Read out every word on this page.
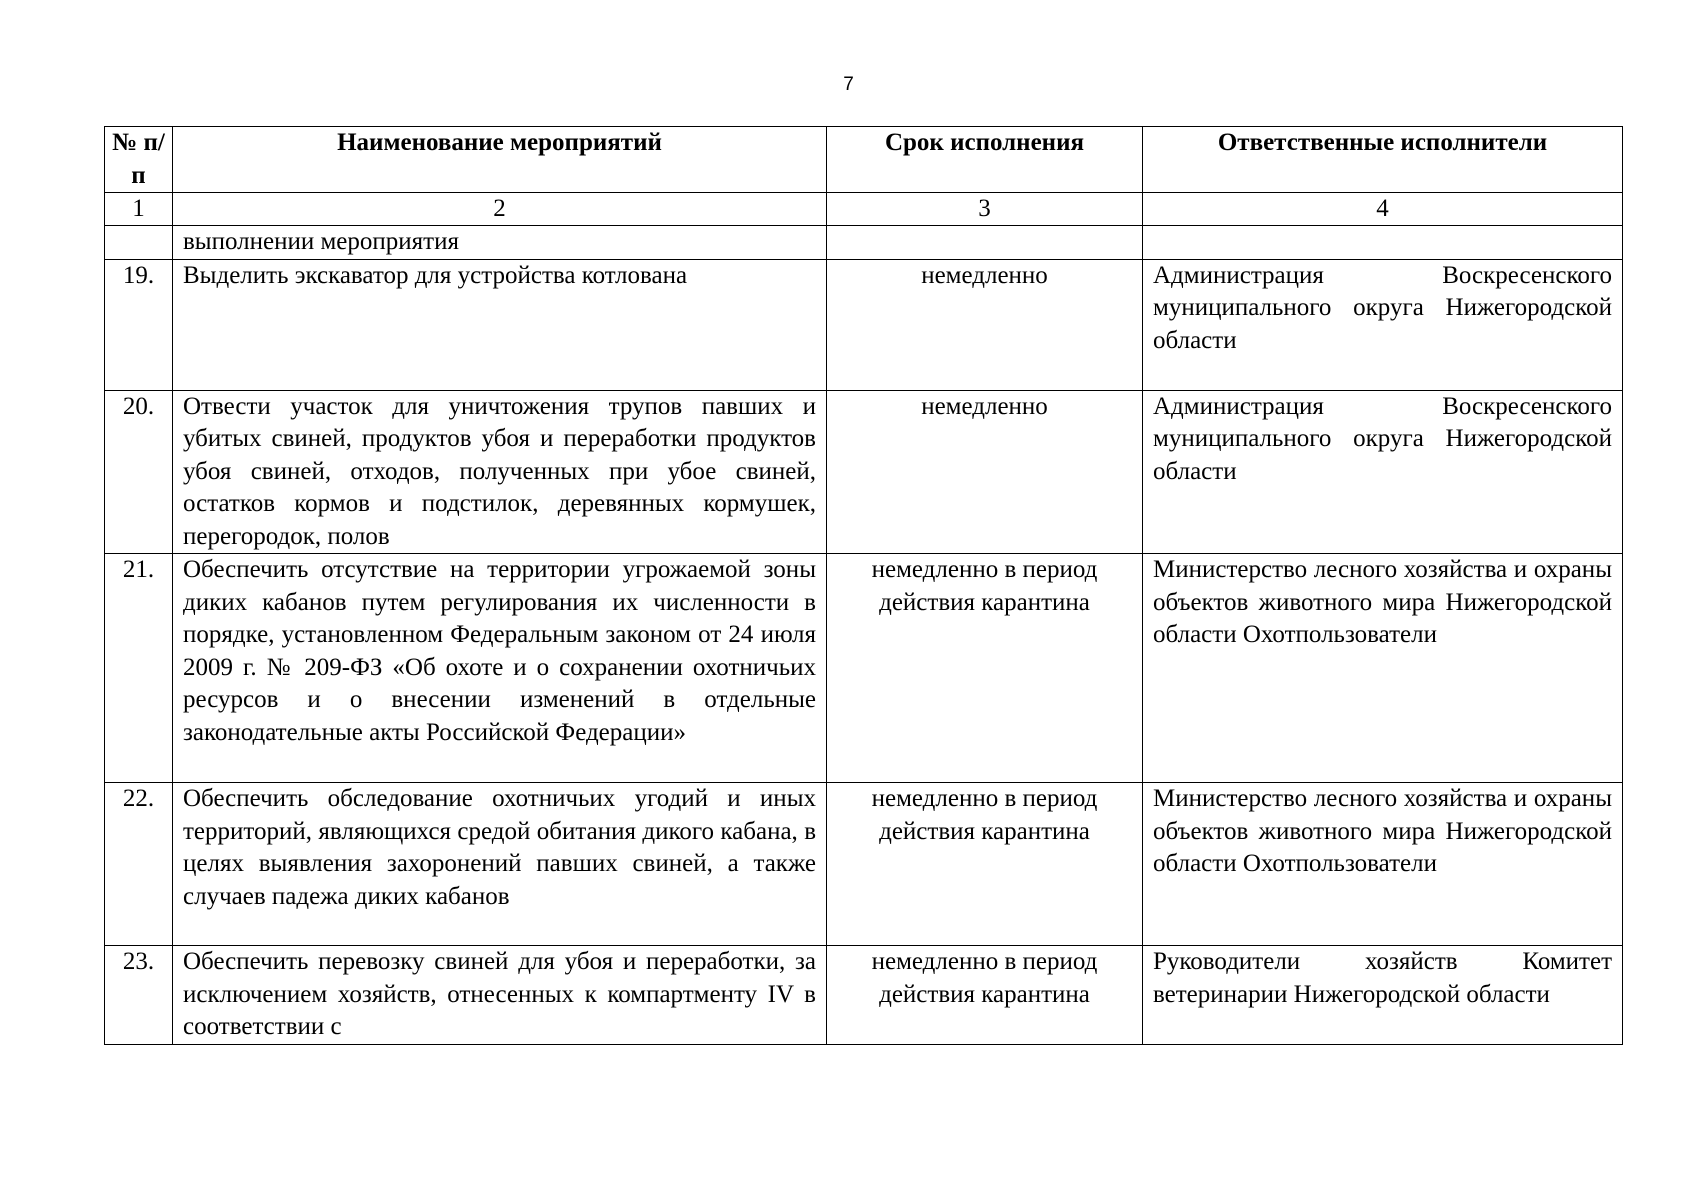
7
№ п/п	Наименование мероприятий	Срок исполнения	Ответственные исполнители
1	2	3	4
	выполнении мероприятия		
19.	Выделить экскаватор для устройства котлована	немедленно	Администрация Воскресенского муниципального округа Нижегородской области
20.	Отвести участок для уничтожения трупов павших и убитых свиней, продуктов убоя и переработки продуктов убоя свиней, отходов, полученных при убое свиней, остатков кормов и подстилок, деревянных кормушек, перегородок, полов	немедленно	Администрация Воскресенского муниципального округа Нижегородской области
21.	Обеспечить отсутствие на территории угрожаемой зоны диких кабанов путем регулирования их численности в порядке, установленном Федеральным законом от 24 июля 2009 г. № 209-ФЗ «Об охоте и о сохранении охотничьих ресурсов и о внесении изменений в отдельные законодательные акты Российской Федерации»	немедленно в период действия карантина	Министерство лесного хозяйства и охраны объектов животного мира Нижегородской области Охотпользователи
22.	Обеспечить обследование охотничьих угодий и иных территорий, являющихся средой обитания дикого кабана, в целях выявления захоронений павших свиней, а также случаев падежа диких кабанов	немедленно в период действия карантина	Министерство лесного хозяйства и охраны объектов животного мира Нижегородской области Охотпользователи
23.	Обеспечить перевозку свиней для убоя и переработки, за исключением хозяйств, отнесенных к компартменту IV в соответствии с	немедленно в период действия карантина	Руководители хозяйств Комитет ветеринарии Нижегородской области
